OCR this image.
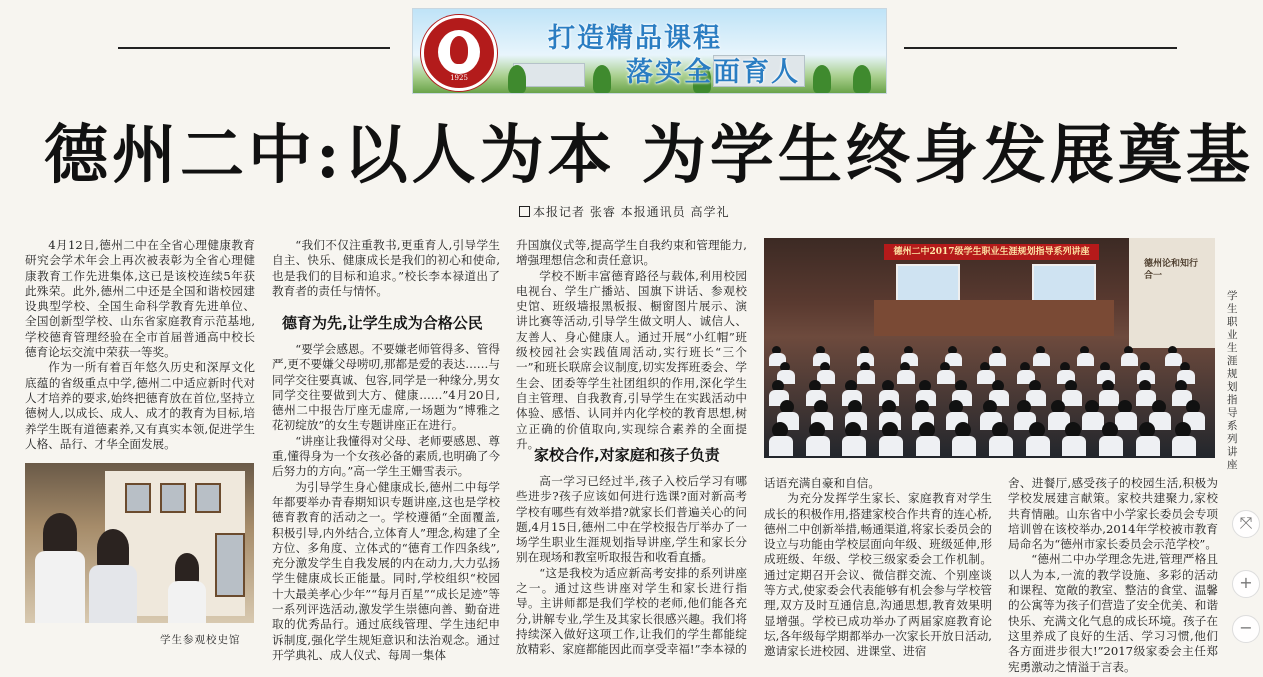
1925
打造精品课程
落实全面育人
德州二中:以人为本 为学生终身发展奠基
本报记者 张睿 本报通讯员 高学礼

4月12日,德州二中在全省心理健康教育研究会学术年会上再次被表彰为全省心理健康教育工作先进集体,这已是该校连续5年获此殊荣。此外,德州二中还是全国和谐校园建设典型学校、全国生命科学教育先进单位、全国创新型学校、山东省家庭教育示范基地,学校德育管理经验在全市首届普通高中校长德育论坛交流中荣获一等奖。

作为一所有着百年悠久历史和深厚文化底蕴的省级重点中学,德州二中适应新时代对人才培养的要求,始终把德育放在首位,坚持立德树人,以成长、成人、成才的教育为目标,培养学生既有道德素养,又有真实本领,促进学生人格、品行、才华全面发展。

学生参观校史馆

“我们不仅注重教书,更重育人,引导学生自主、快乐、健康成长是我们的初心和使命,也是我们的目标和追求。”校长李本禄道出了教育者的责任与情怀。

德育为先,让学生成为合格公民

“要学会感恩。不要嫌老师管得多、管得严,更不要嫌父母唠叨,那都是爱的表达……与同学交往要真诚、包容,同学是一种缘分,男女同学交往要做到大方、健康……”4月20日,德州二中报告厅座无虚席,一场题为“博雅之花初绽放”的女生专题讲座正在进行。

“讲座让我懂得对父母、老师要感恩、尊重,懂得身为一个女孩必备的素质,也明确了今后努力的方向。”高一学生王姗雪表示。

为引导学生身心健康成长,德州二中每学年都要举办青春期知识专题讲座,这也是学校德育教育的活动之一。学校遵循“全面覆盖,积极引导,内外结合,立体育人”理念,构建了全方位、多角度、立体式的“德育工作四条线”,充分激发学生自我发展的内在动力,大力弘扬学生健康成长正能量。同时,学校组织“校园十大最美孝心少年”“每月百星”“成长足迹”等一系列评选活动,激发学生崇德向善、勤奋进取的优秀品行。通过底线管理、学生违纪申诉制度,强化学生规矩意识和法治观念。通过开学典礼、成人仪式、每周一集体

升国旗仪式等,提高学生自我约束和管理能力,增强理想信念和责任意识。

学校不断丰富德育路径与载体,利用校园电视台、学生广播站、国旗下讲话、参观校史馆、班级墙报黑板报、橱窗图片展示、演讲比赛等活动,引导学生做文明人、诚信人、友善人、身心健康人。通过开展“小红帽”班级校园社会实践值周活动,实行班长“三个一”和班长联席会议制度,切实发挥班委会、学生会、团委等学生社团组织的作用,深化学生自主管理、自我教育,引导学生在实践活动中体验、感悟、认同并内化学校的教育思想,树立正确的价值取向,实现综合素养的全面提升。

家校合作,对家庭和孩子负责

高一学习已经过半,孩子入校后学习有哪些进步?孩子应该如何进行选课?面对新高考学校有哪些有效举措?就家长们普遍关心的问题,4月15日,德州二中在学校报告厅举办了一场学生职业生涯规划指导讲座,学生和家长分别在现场和教室听取报告和收看直播。

“这是我校为适应新高考安排的系列讲座之一。通过这些讲座对学生和家长进行指导。主讲师都是我们学校的老师,他们能各充分,讲解专业,学生及其家长很感兴趣。我们将持续深入做好这项工作,让我们的学生都能绽放精彩、家庭都能因此而享受幸福!”李本禄的

德州二中2017级学生职业生涯规划指导系列讲座
德州论和知行合一
学生职业生涯规划指导系列讲座

话语充满自豪和自信。

为充分发挥学生家长、家庭教育对学生成长的积极作用,搭建家校合作共育的连心桥,德州二中创新举措,畅通渠道,将家长委员会的设立与功能由学校层面向年级、班级延伸,形成班级、年级、学校三级家委会工作机制。通过定期召开会议、微信群交流、个别座谈等方式,使家委会代表能够有机会参与学校管理,双方及时互通信息,沟通思想,教育效果明显增强。学校已成功举办了两届家庭教育论坛,各年级每学期都举办一次家长开放日活动,邀请家长进校园、进课堂、进宿

舍、进餐厅,感受孩子的校园生活,积极为学校发展建言献策。家校共建聚力,家校共育情融。山东省中小学家长委员会专项培训曾在该校举办,2014年学校被市教育局命名为“德州市家长委员会示范学校”。

“德州二中办学理念先进,管理严格且以人为本,一流的教学设施、多彩的活动和课程、宽敞的教室、整洁的食堂、温馨的公寓等为孩子们营造了安全优美、和谐快乐、充满文化气息的成长环境。孩子在这里养成了良好的生活、学习习惯,他们各方面进步很大!”2017级家委会主任郑宪勇激动之情溢于言表。

⤧
+
−
